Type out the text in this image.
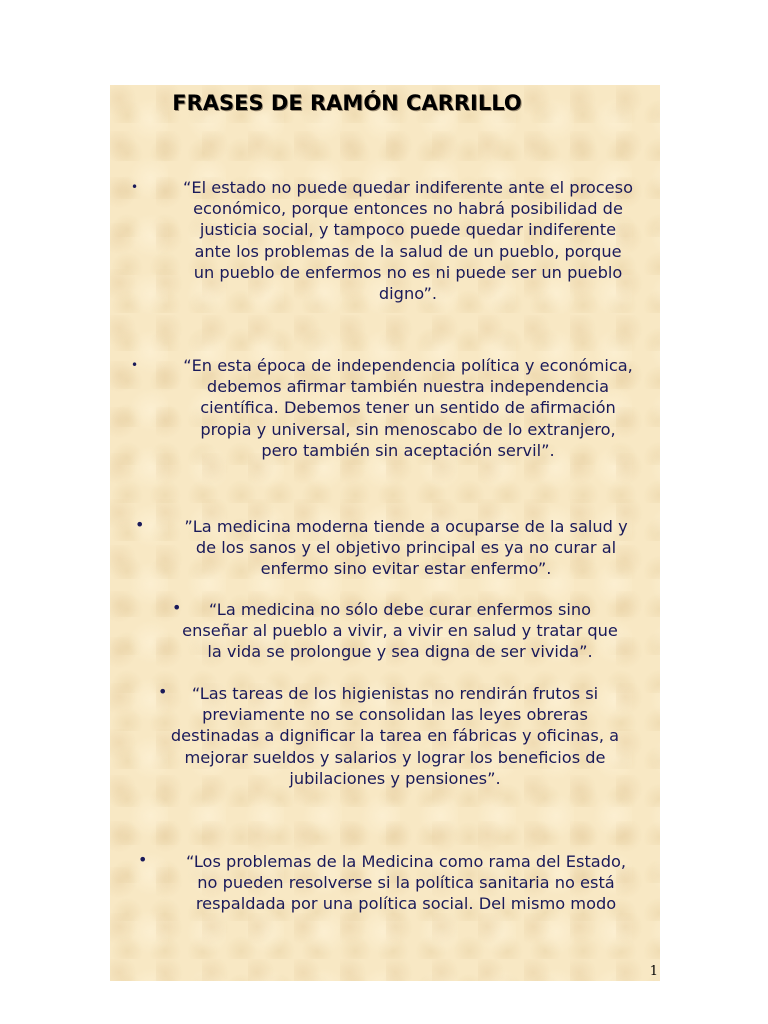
FRASES DE RAMÓN CARRILLO
•	“El estado no puede quedar indiferente ante el proceso
económico, porque entonces no habrá posibilidad de
justicia social, y tampoco puede quedar indiferente
ante los problemas de la salud de un pueblo, porque
un pueblo de enfermos no es ni puede ser un pueblo
digno”.
•	“En esta época de independencia política y económica,
debemos afirmar también nuestra independencia
científica. Debemos tener un sentido de afirmación
propia y universal, sin menoscabo de lo extranjero,
pero también sin aceptación servil”.
•	”La medicina moderna tiende a ocuparse de la salud y
de los sanos y el objetivo principal es ya no curar al
enfermo sino evitar estar enfermo”.
•	“La medicina no sólo debe curar enfermos sino
enseñar al pueblo a vivir, a vivir en salud y tratar que
la vida se prolongue y sea digna de ser vivida”.
•	“Las tareas de los higienistas no rendirán frutos si
previamente no se consolidan las leyes obreras
destinadas a dignificar la tarea en fábricas y oficinas, a
mejorar sueldos y salarios y lograr los beneficios de
jubilaciones y pensiones”.
•	“Los problemas de la Medicina como rama del Estado,
no pueden resolverse si la política sanitaria no está
respaldada por una política social. Del mismo modo
1
